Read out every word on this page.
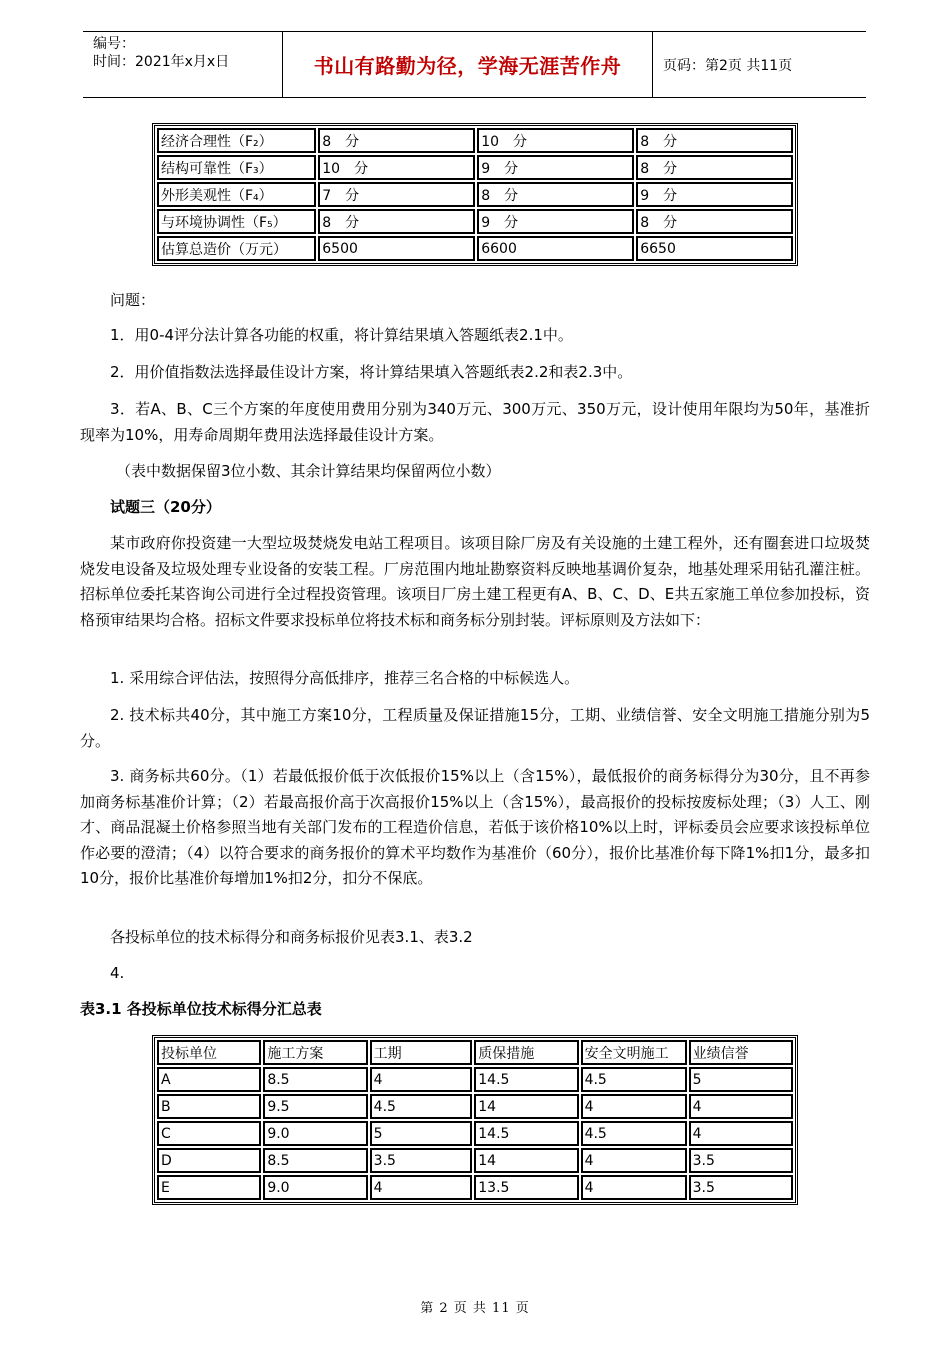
编号：
时间：2021年x月x日	书山有路勤为径，学海无涯苦作舟	页码：第2页 共11页
经济合理性（F₂）	8　分	10　分	8　分
结构可靠性（F₃）	10　分	9　分	8　分
外形美观性（F₄）	7　分	8　分	9　分
与环境协调性（F₅）	8　分	9　分	8　分
估算总造价（万元）	6500	6600	6650

问题：

1．用0-4评分法计算各功能的权重，将计算结果填入答题纸表2.1中。

2．用价值指数法选择最佳设计方案，将计算结果填入答题纸表2.2和表2.3中。

3．若A、B、C三个方案的年度使用费用分别为340万元、300万元、350万元，设计使用年限均为50年，基准折现率为10%，用寿命周期年费用法选择最佳设计方案。

（表中数据保留3位小数、其余计算结果均保留两位小数）

试题三（20分）

某市政府你投资建一大型垃圾焚烧发电站工程项目。该项目除厂房及有关设施的土建工程外，还有圈套进口垃圾焚烧发电设备及垃圾处理专业设备的安装工程。厂房范围内地址勘察资料反映地基调价复杂，地基处理采用钻孔灌注桩。招标单位委托某咨询公司进行全过程投资管理。该项目厂房土建工程更有A、B、C、D、E共五家施工单位参加投标，资格预审结果均合格。招标文件要求投标单位将技术标和商务标分别封装。评标原则及方法如下：

1. 采用综合评估法，按照得分高低排序，推荐三名合格的中标候选人。

2. 技术标共40分，其中施工方案10分，工程质量及保证措施15分，工期、业绩信誉、安全文明施工措施分别为5分。

3. 商务标共60分。（1）若最低报价低于次低报价15%以上（含15%），最低报价的商务标得分为30分，且不再参加商务标基准价计算；（2）若最高报价高于次高报价15%以上（含15%），最高报价的投标按废标处理；（3）人工、刚才、商品混凝土价格参照当地有关部门发布的工程造价信息，若低于该价格10%以上时，评标委员会应要求该投标单位作必要的澄清；（4）以符合要求的商务报价的算术平均数作为基准价（60分），报价比基准价每下降1%扣1分，最多扣10分，报价比基准价每增加1%扣2分，扣分不保底。

各投标单位的技术标得分和商务标报价见表3.1、表3.2

4.

表3.1 各投标单位技术标得分汇总表

投标单位	施工方案	工期	质保措施	安全文明施工	业绩信誉
A	8.5	4	14.5	4.5	5
B	9.5	4.5	14	4	4
C	9.0	5	14.5	4.5	4
D	8.5	3.5	14	4	3.5
E	9.0	4	13.5	4	3.5
第 2 页 共 11 页
